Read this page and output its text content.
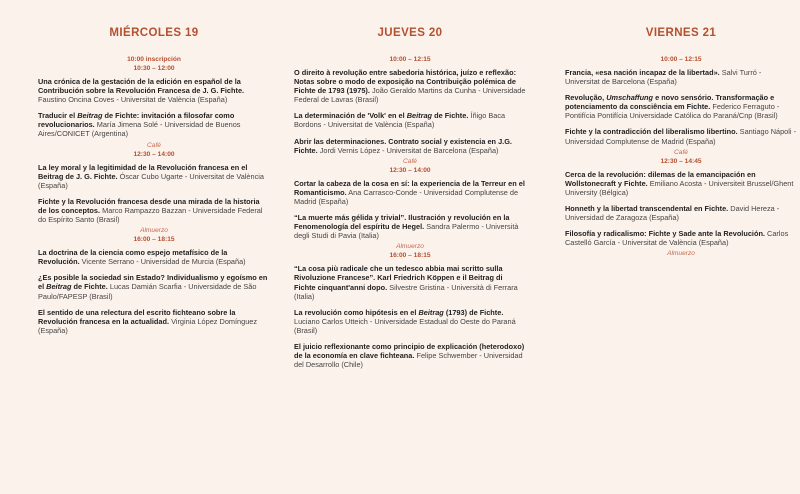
MIÉRCOLES 19
10:00 inscripción
10:30 – 12:00
Una crónica de la gestación de la edición en español de la Contribución sobre la Revolución Francesa de J. G. Fichte. Faustino Oncina Coves - Universitat de València (España)
Traducir el Beitrag de Fichte: invitación a filosofar como revolucionarios. María Jimena Solé - Universidad de Buenos Aires/CONICET (Argentina)
Café
12:30 – 14:00
La ley moral y la legitimidad de la Revolución francesa en el Beitrag de J. G. Fichte. Óscar Cubo Ugarte - Universitat de València (España)
Fichte y la Revolución francesa desde una mirada de la historia de los conceptos. Marco Rampazzo Bazzan - Universidade Federal do Espírito Santo (Brasil)
Almuerzo
16:00 – 18:15
La doctrina de la ciencia como espejo metafísico de la Revolución. Vicente Serrano - Universidad de Murcia (España)
¿Es posible la sociedad sin Estado? Individualismo y egoísmo en el Beitrag de Fichte. Lucas Damián Scarfia - Universidade de São Paulo/FAPESP (Brasil)
El sentido de una relectura del escrito fichteano sobre la Revolución francesa en la actualidad. Virginia López Domínguez (España)
JUEVES 20
10:00 – 12:15
O direito à revolução entre sabedoria histórica, juízo e reflexão: Notas sobre o modo de exposição na Contribuição polémica de Fichte de 1793 (1975). João Geraldo Martins da Cunha - Universidade Federal de Lavras (Brasil)
La determinación de 'Volk' en el Beitrag de Fichte. Íñigo Baca Bordons - Universitat de València (España)
Abrir las determinaciones. Contrato social y existencia en J.G. Fichte. Jordi Vernis López - Universitat de Barcelona (España)
Café
12:30 – 14:00
Cortar la cabeza de la cosa en sí: la experiencia de la Terreur en el Romanticismo. Ana Carrasco-Conde - Universidad Complutense de Madrid (España)
“La muerte más gélida y trivial”. Ilustración y revolución en la Fenomenología del espíritu de Hegel. Sandra Palermo - Università degli Studi di Pavia (Italia)
Almuerzo
16:00 – 18:15
“La cosa più radicale che un tedesco abbia mai scritto sulla Rivoluzione Francese”. Karl Friedrich Köppen e il Beitrag di Fichte cinquant'anni dopo. Silvestre Gristina - Università di Ferrara (Italia)
La revolución como hipótesis en el Beitrag (1793) de Fichte. Luciano Carlos Utteich - Universidade Estadual do Oeste do Paraná (Brasil)
El juicio reflexionante como principio de explicación (heterodoxo) de la economía en clave fichteana. Felipe Schwember - Universidad del Desarrollo (Chile)
VIERNES 21
10:00 – 12:15
Francia, «esa nación incapaz de la libertad». Salvi Turró - Universitat de Barcelona (España)
Revolução, Umschaffung e novo sensório. Transformação e potenciamento da consciência em Fichte. Federico Ferraguto - Pontifícia Pontifícia Universidade Católica do Paraná/Cnp (Brasil)
Fichte y la contradicción del liberalismo libertino. Santiago Nápoli - Universidad Complutense de Madrid (España)
Café
12:30 – 14:45
Cerca de la revolución: dilemas de la emancipación en Wollstonecraft y Fichte. Emiliano Acosta - Universiteit Brussel/Ghent University (Bélgica)
Honneth y la libertad transcendental en Fichte. David Hereza - Universidad de Zaragoza (España)
Filosofía y radicalismo: Fichte y Sade ante la Revolución. Carlos Castelló García - Universitat de València (España)
Almuerzo
